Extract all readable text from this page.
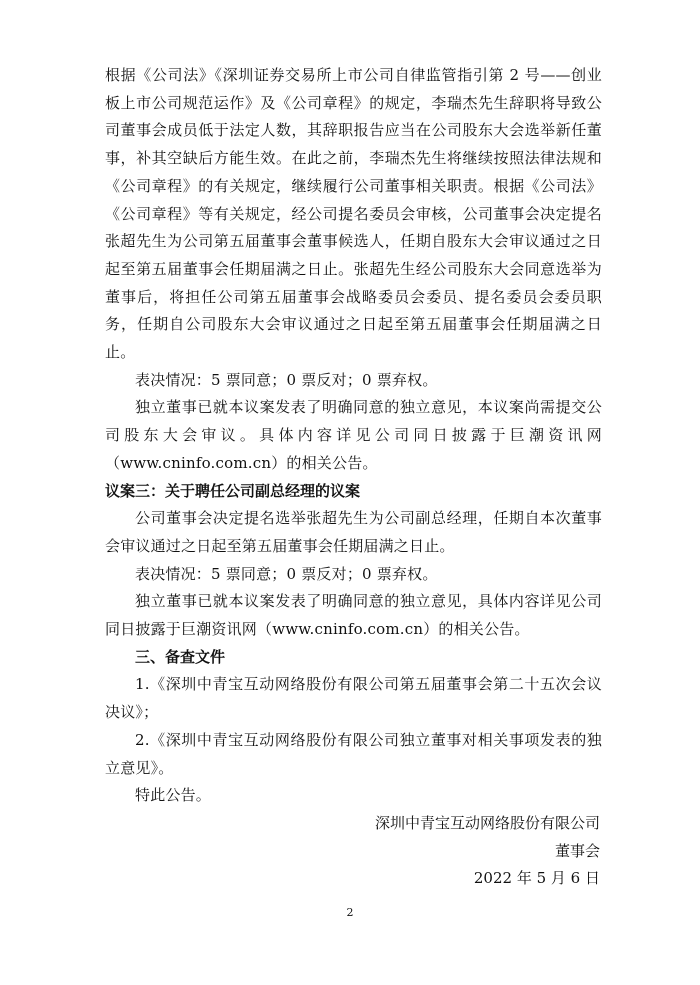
根据《公司法》《深圳证券交易所上市公司自律监管指引第 2 号——创业板上市公司规范运作》及《公司章程》的规定，李瑞杰先生辞职将导致公司董事会成员低于法定人数，其辞职报告应当在公司股东大会选举新任董事，补其空缺后方能生效。在此之前，李瑞杰先生将继续按照法律法规和《公司章程》的有关规定，继续履行公司董事相关职责。根据《公司法》《公司章程》等有关规定，经公司提名委员会审核，公司董事会决定提名张超先生为公司第五届董事会董事候选人，任期自股东大会审议通过之日起至第五届董事会任期届满之日止。张超先生经公司股东大会同意选举为董事后，将担任公司第五届董事会战略委员会委员、提名委员会委员职务，任期自公司股东大会审议通过之日起至第五届董事会任期届满之日止。

表决情况：5 票同意；0 票反对；0 票弃权。

独立董事已就本议案发表了明确同意的独立意见，本议案尚需提交公司股东大会审议。具体内容详见公司同日披露于巨潮资讯网（www.cninfo.com.cn）的相关公告。

议案三：关于聘任公司副总经理的议案

公司董事会决定提名选举张超先生为公司副总经理，任期自本次董事会审议通过之日起至第五届董事会任期届满之日止。

表决情况：5 票同意；0 票反对；0 票弃权。

独立董事已就本议案发表了明确同意的独立意见，具体内容详见公司同日披露于巨潮资讯网（www.cninfo.com.cn）的相关公告。

三、备查文件

1.《深圳中青宝互动网络股份有限公司第五届董事会第二十五次会议决议》；

2.《深圳中青宝互动网络股份有限公司独立董事对相关事项发表的独立意见》。

特此公告。

深圳中青宝互动网络股份有限公司

董事会

2022 年 5 月 6 日

2
